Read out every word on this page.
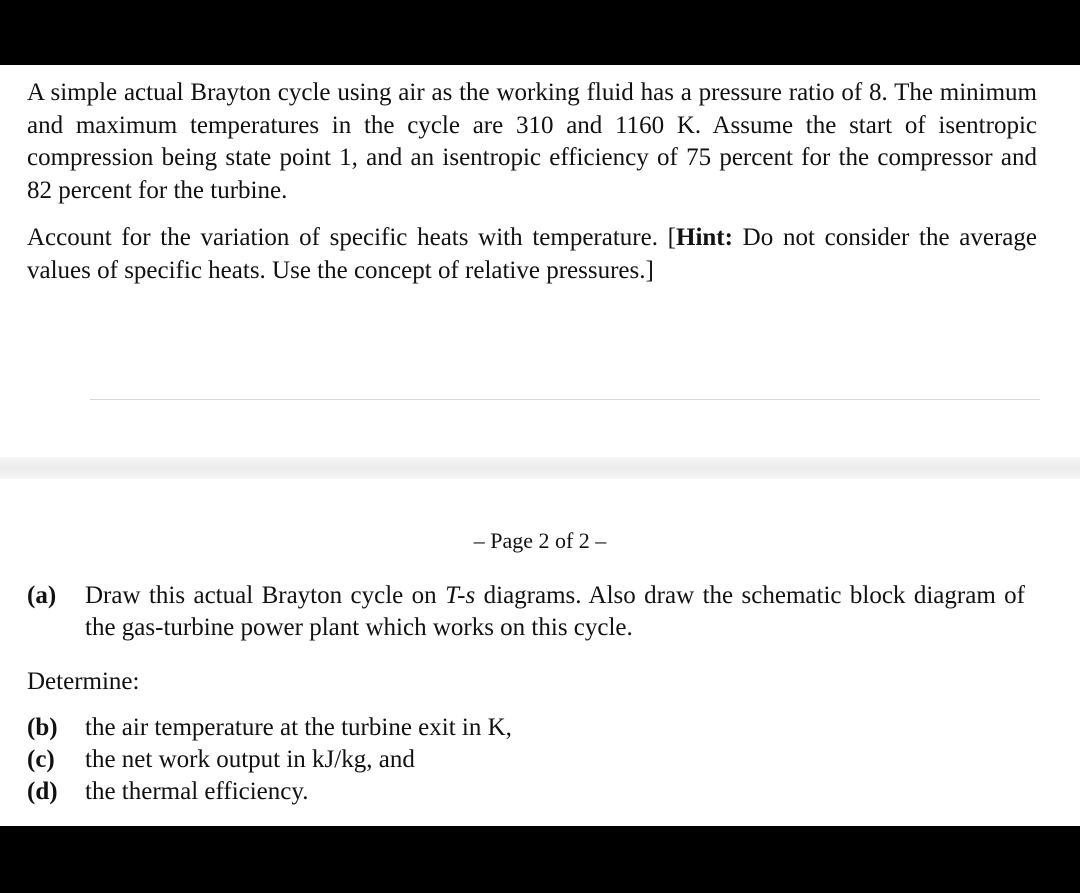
A simple actual Brayton cycle using air as the working fluid has a pressure ratio of 8. The minimum and maximum temperatures in the cycle are 310 and 1160 K. Assume the start of isentropic compression being state point 1, and an isentropic efficiency of 75 percent for the compressor and 82 percent for the turbine.
Account for the variation of specific heats with temperature. [Hint: Do not consider the average values of specific heats. Use the concept of relative pressures.]
– Page 2 of 2 –
(a) Draw this actual Brayton cycle on T-s diagrams. Also draw the schematic block diagram of the gas-turbine power plant which works on this cycle.
Determine:
(b) the air temperature at the turbine exit in K,
(c) the net work output in kJ/kg, and
(d) the thermal efficiency.
